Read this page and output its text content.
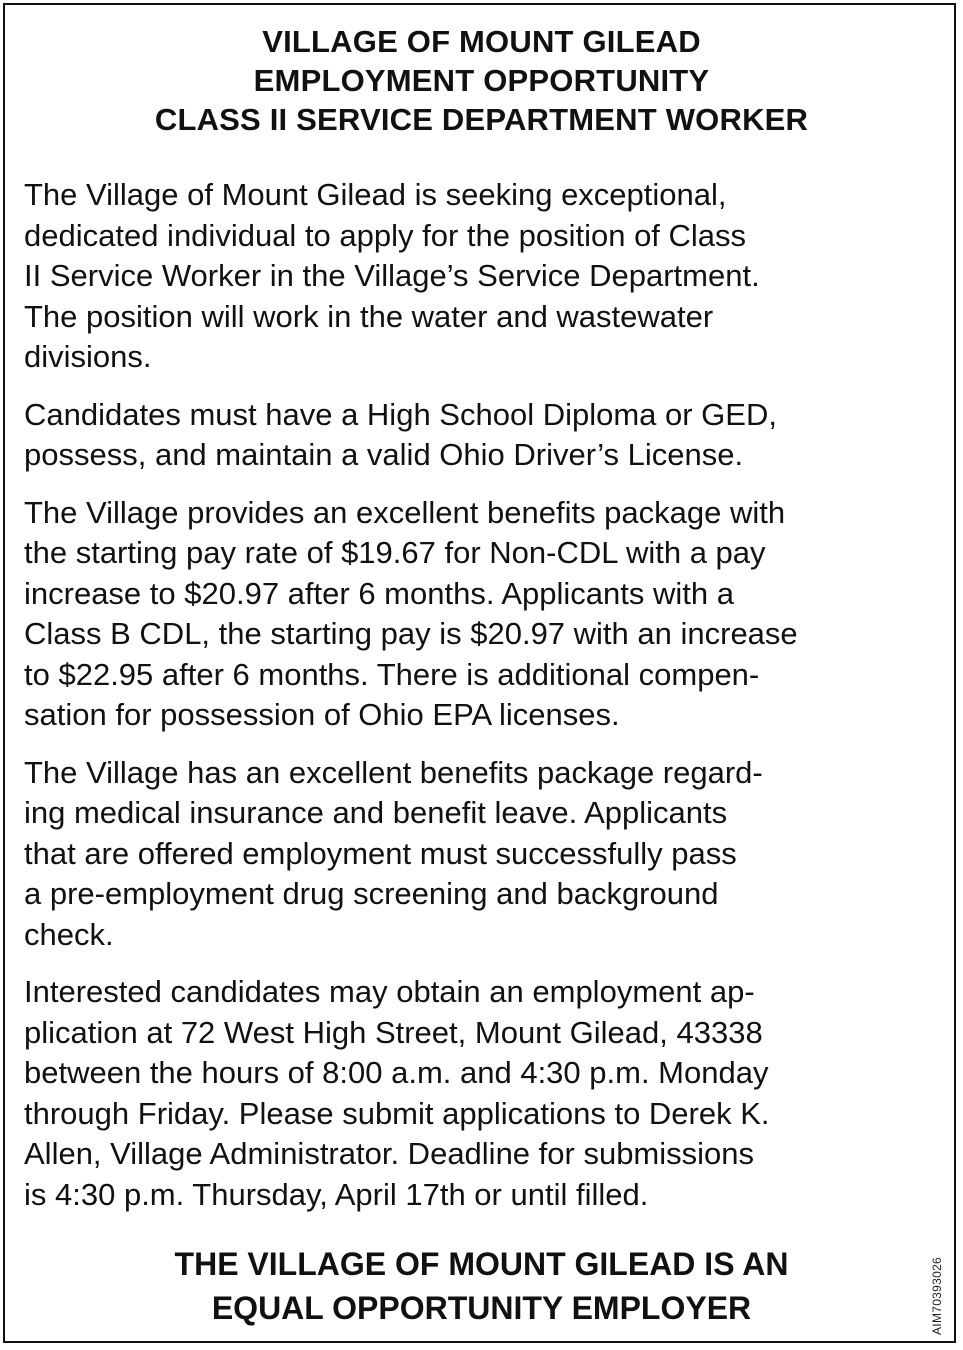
VILLAGE OF MOUNT GILEAD
EMPLOYMENT OPPORTUNITY
CLASS II SERVICE DEPARTMENT WORKER

The Village of Mount Gilead is seeking exceptional,
dedicated individual to apply for the position of Class
II Service Worker in the Village’s Service Department.
The position will work in the water and wastewater
divisions.

Candidates must have a High School Diploma or GED,
possess, and maintain a valid Ohio Driver’s License.

The Village provides an excellent benefits package with
the starting pay rate of $19.67 for Non-CDL with a pay
increase to $20.97 after 6 months. Applicants with a
Class B CDL, the starting pay is $20.97 with an increase
to $22.95 after 6 months. There is additional compen-
sation for possession of Ohio EPA licenses.

The Village has an excellent benefits package regard-
ing medical insurance and benefit leave. Applicants
that are offered employment must successfully pass
a pre-employment drug screening and background
check.

Interested candidates may obtain an employment ap-
plication at 72 West High Street, Mount Gilead, 43338
between the hours of 8:00 a.m. and 4:30 p.m. Monday
through Friday. Please submit applications to Derek K.
Allen, Village Administrator. Deadline for submissions
is 4:30 p.m. Thursday, April 17th or until filled.

THE VILLAGE OF MOUNT GILEAD IS AN
EQUAL OPPORTUNITY EMPLOYER	AIM70393026
